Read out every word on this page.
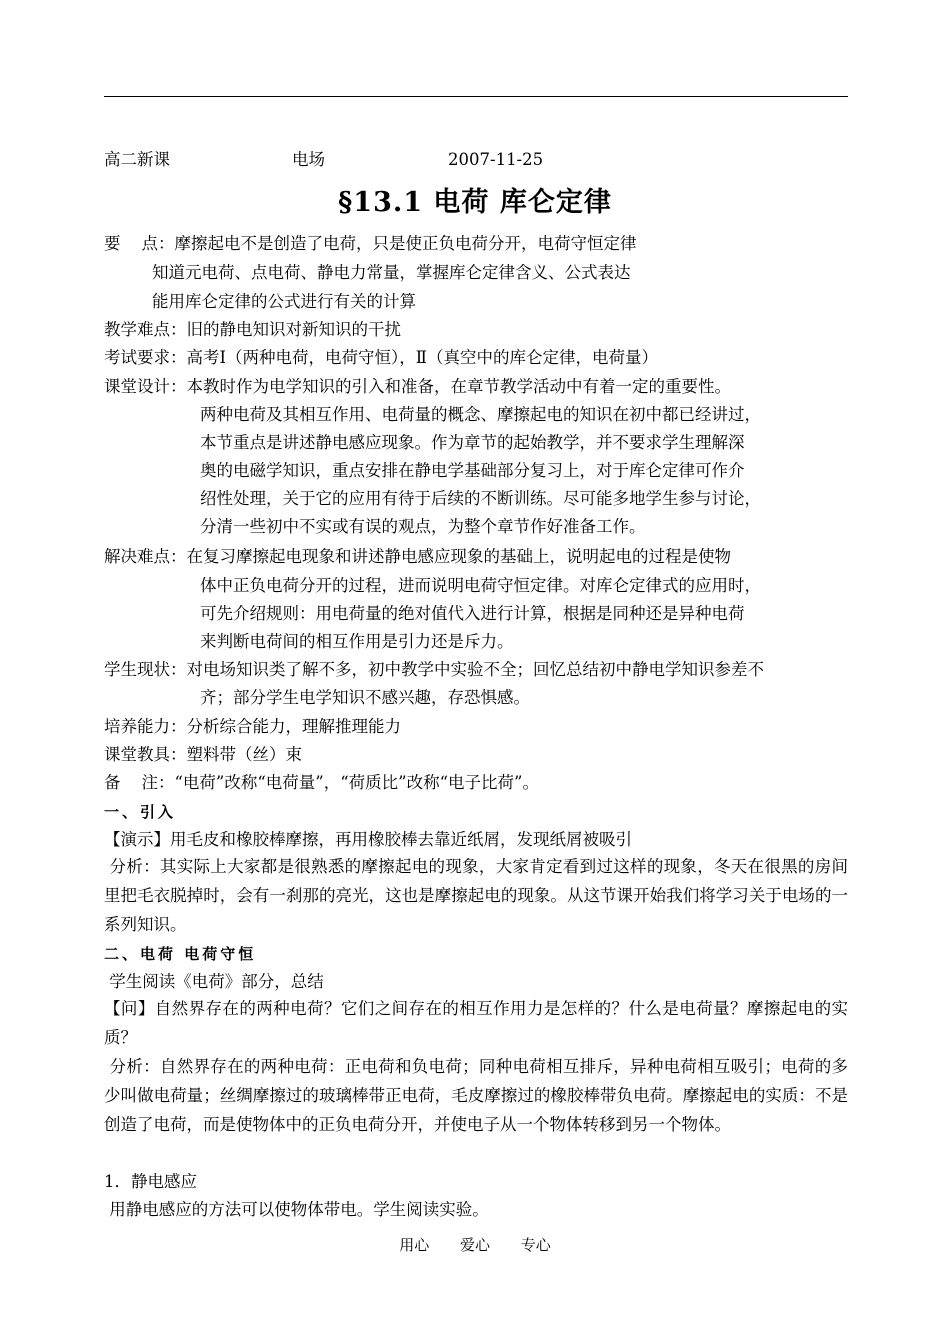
高二新课	电场	2007-11-25
§13.1 电荷 库仑定律
要    点：摩擦起电不是创造了电荷，只是使正负电荷分开，电荷守恒定律
知道元电荷、点电荷、静电力常量，掌握库仑定律含义、公式表达
能用库仑定律的公式进行有关的计算
教学难点：旧的静电知识对新知识的干扰
考试要求：高考Ⅰ（两种电荷，电荷守恒），Ⅱ（真空中的库仑定律，电荷量）
课堂设计：本教时作为电学知识的引入和准备，在章节教学活动中有着一定的重要性。
两种电荷及其相互作用、电荷量的概念、摩擦起电的知识在初中都已经讲过，
本节重点是讲述静电感应现象。作为章节的起始教学，并不要求学生理解深
奥的电磁学知识，重点安排在静电学基础部分复习上，对于库仑定律可作介
绍性处理，关于它的应用有待于后续的不断训练。尽可能多地学生参与讨论，
分清一些初中不实或有误的观点，为整个章节作好准备工作。
解决难点：在复习摩擦起电现象和讲述静电感应现象的基础上，说明起电的过程是使物
体中正负电荷分开的过程，进而说明电荷守恒定律。对库仑定律式的应用时，
可先介绍规则：用电荷量的绝对值代入进行计算，根据是同种还是异种电荷
来判断电荷间的相互作用是引力还是斥力。
学生现状：对电场知识类了解不多，初中教学中实验不全；回忆总结初中静电学知识参差不
齐；部分学生电学知识不感兴趣，存恐惧感。
培养能力：分析综合能力，理解推理能力
课堂教具：塑料带（丝）束
备    注：“电荷”改称“电荷量”，“荷质比”改称“电子比荷”。
一、引入
【演示】用毛皮和橡胶棒摩擦，再用橡胶棒去靠近纸屑，发现纸屑被吸引
分析：其实际上大家都是很熟悉的摩擦起电的现象，大家肯定看到过这样的现象，冬天在很黑的房间里把毛衣脱掉时，会有一刹那的亮光，这也是摩擦起电的现象。从这节课开始我们将学习关于电场的一系列知识。
二、电荷 电荷守恒
学生阅读《电荷》部分，总结
【问】自然界存在的两种电荷？它们之间存在的相互作用力是怎样的？什么是电荷量？摩擦起电的实质？
分析：自然界存在的两种电荷：正电荷和负电荷；同种电荷相互排斥，异种电荷相互吸引；电荷的多少叫做电荷量；丝绸摩擦过的玻璃棒带正电荷，毛皮摩擦过的橡胶棒带负电荷。摩擦起电的实质：不是创造了电荷，而是使物体中的正负电荷分开，并使电子从一个物体转移到另一个物体。
1．静电感应
用静电感应的方法可以使物体带电。学生阅读实验。
用心 爱心 专心
